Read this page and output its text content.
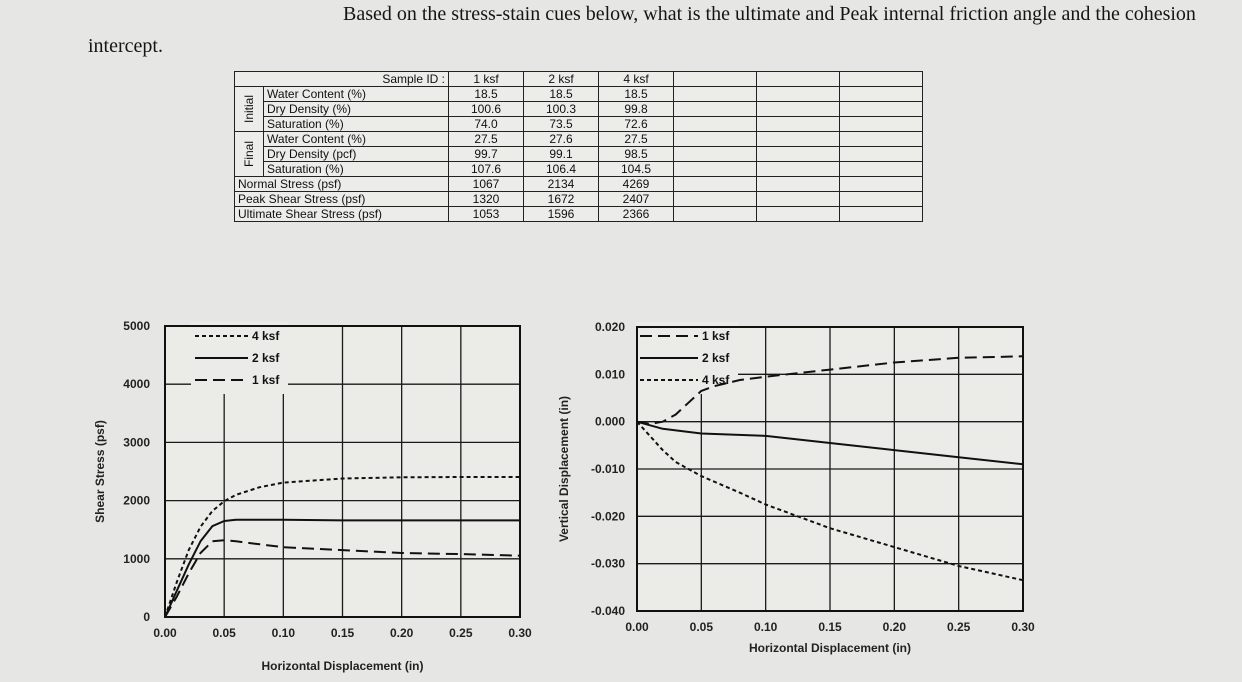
Based on the stress-stain cues below, what is the ultimate and Peak internal friction angle and the cohesion intercept.
Sample ID :		1 ksf	2 ksf	4 ksf			
Initial	Water Content (%)	18.5	18.5	18.5			
	Dry Density (%)	100.6	100.3	99.8			
	Saturation (%)	74.0	73.5	72.6			
Final	Water Content (%)	27.5	27.6	27.5			
	Dry Density (pcf)	99.7	99.1	98.5			
	Saturation (%)	107.6	106.4	104.5			
Normal Stress (psf)		1067	2134	4269			
Peak Shear Stress (psf)		1320	1672	2407			
Ultimate Shear Stress (psf)		1053	1596	2366			
0.00	0.05	0.10	0.15	0.20	0.25	0.30
0
1000
2000
3000
4000
5000
Horizontal Displacement (in)
Shear Stress (psf)
4 ksf
2 ksf
1 ksf
0.00	0.05	0.10	0.15	0.20	0.25	0.30
-0.040
-0.030
-0.020
-0.010
0.000
0.010
0.020
Horizontal Displacement (in)
Vertical Displacement (in)
1 ksf
2 ksf
4 ksf
